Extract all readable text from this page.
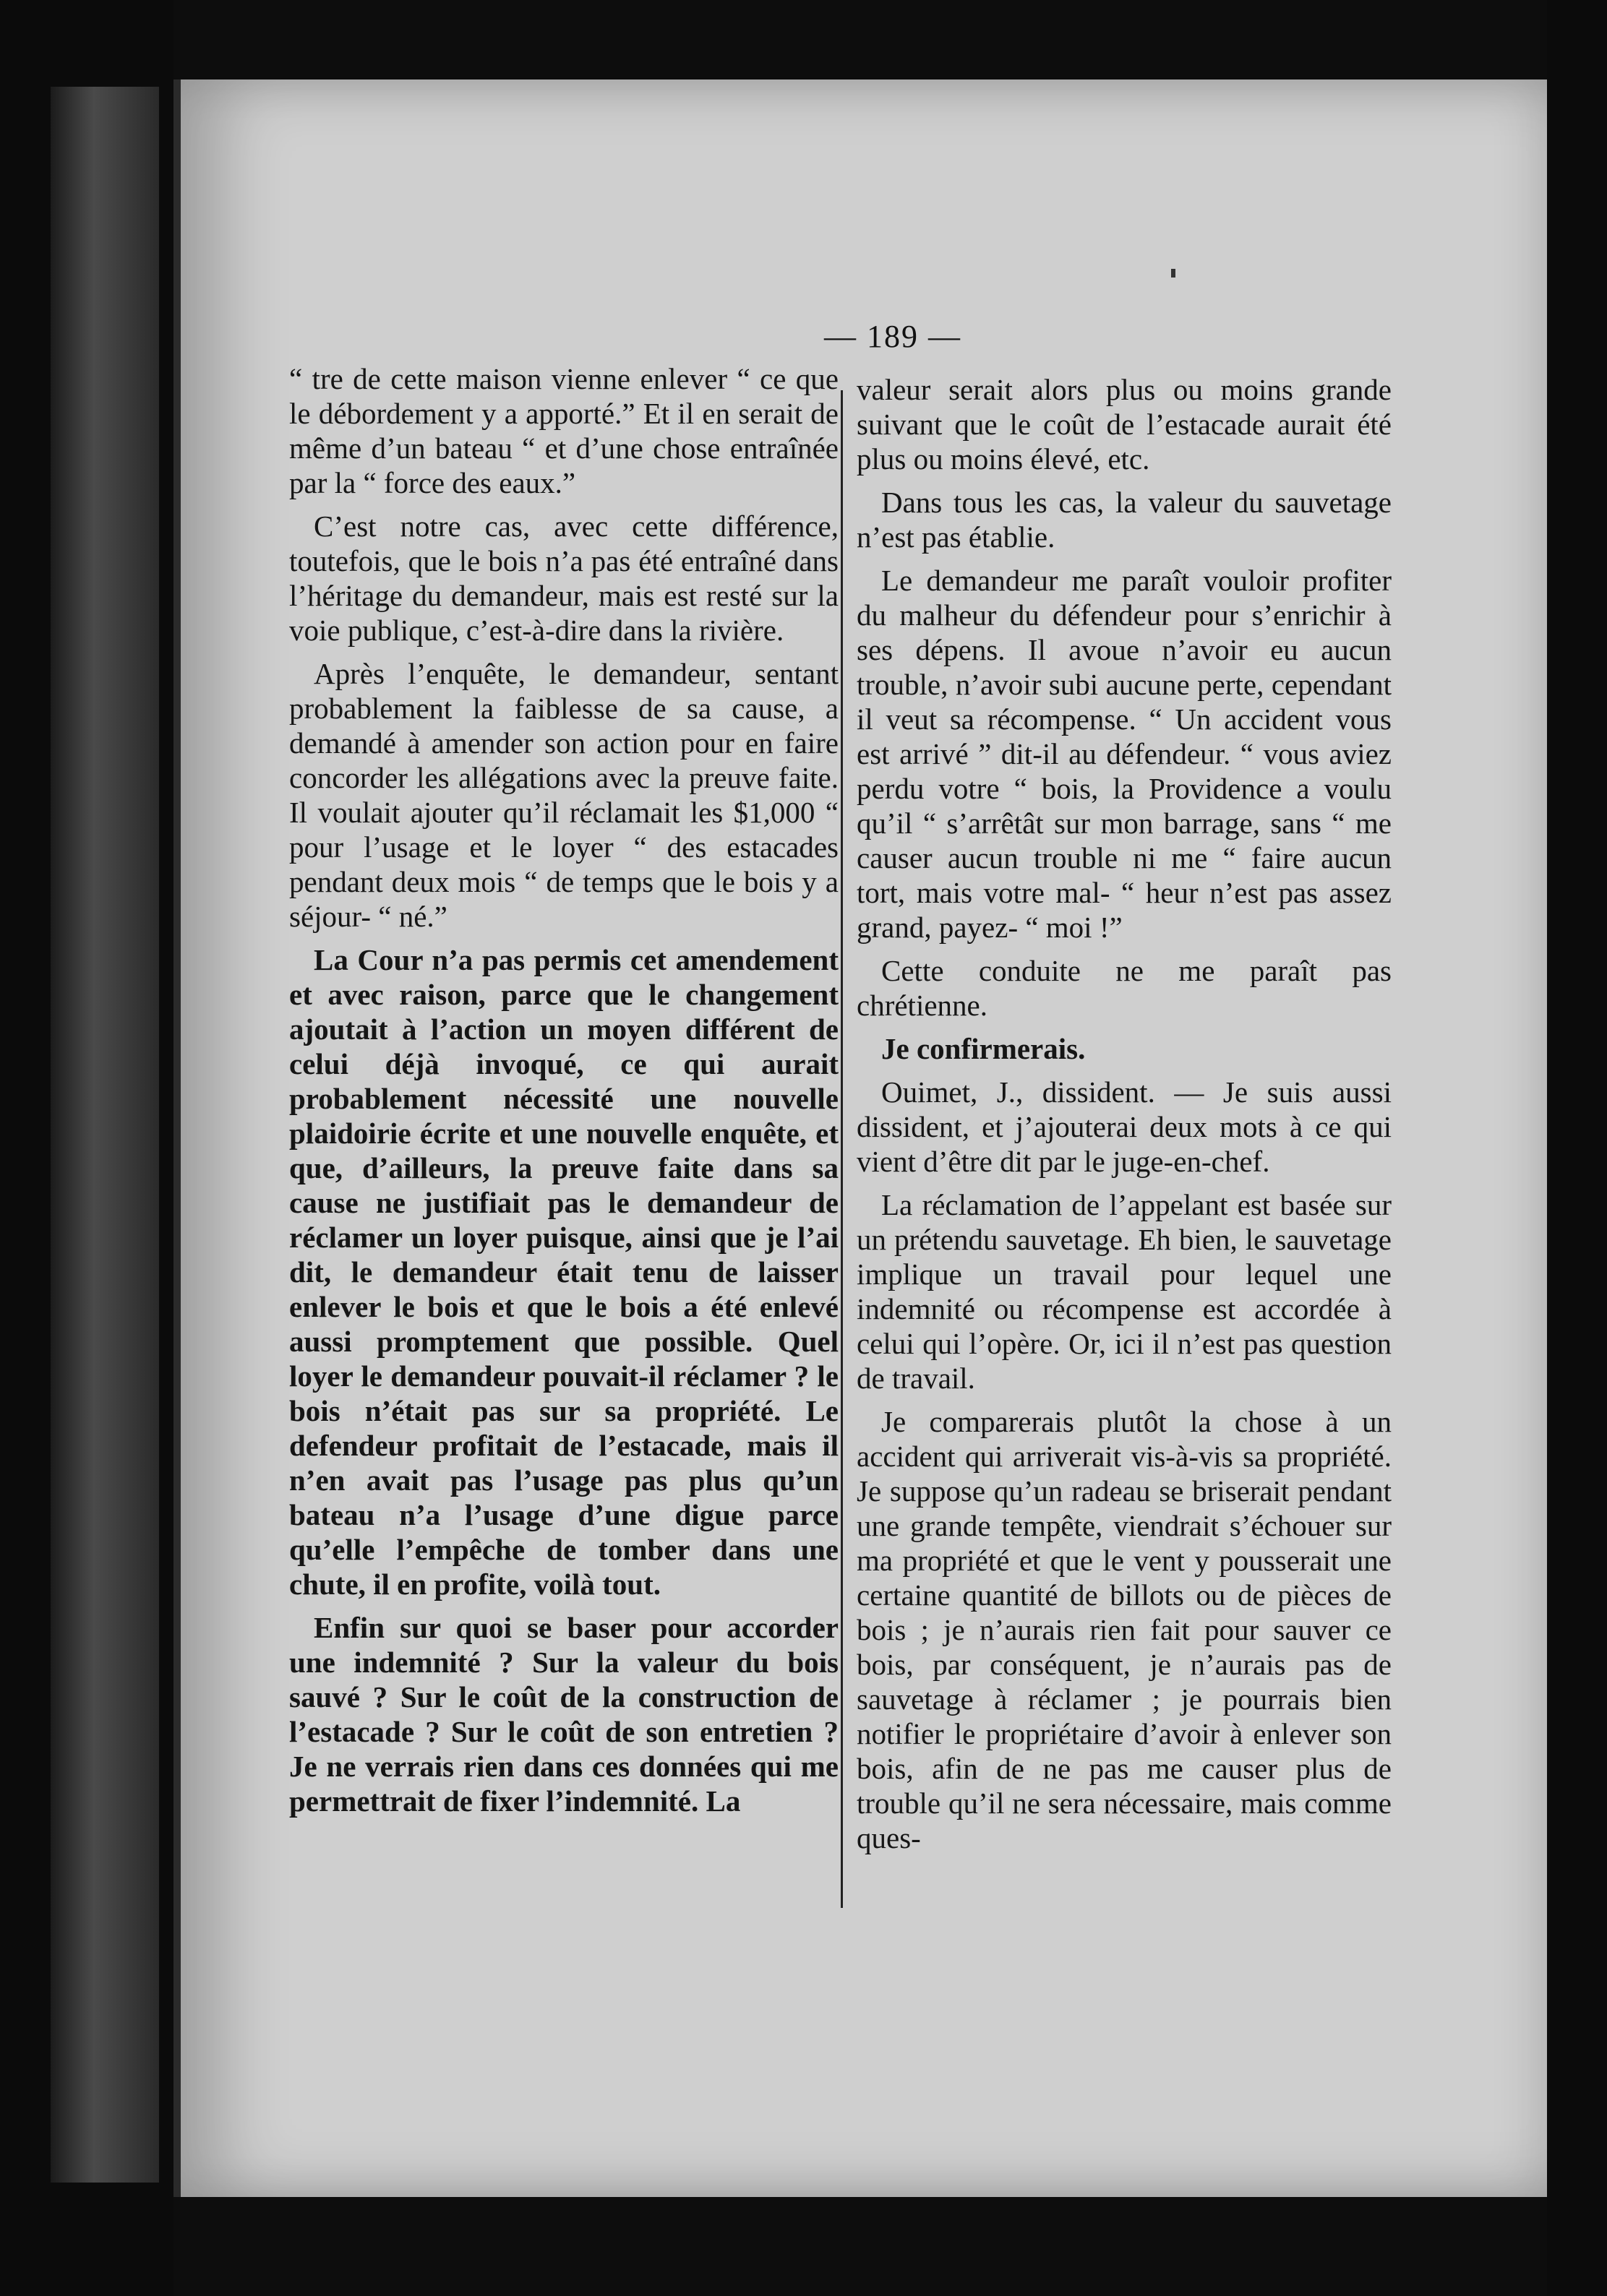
— 189 —

“ tre de cette maison vienne enlever “ ce que le débordement y a apporté.” Et il en serait de même d’un bateau “ et d’une chose entraînée par la “ force des eaux.”

C’est notre cas, avec cette différence, toutefois, que le bois n’a pas été entraîné dans l’héritage du demandeur, mais est resté sur la voie publique, c’est-à-dire dans la rivière.

Après l’enquête, le demandeur, sentant probablement la faiblesse de sa cause, a demandé à amender son action pour en faire concorder les allégations avec la preuve faite. Il voulait ajouter qu’il réclamait les $1,000 “ pour l’usage et le loyer “ des estacades pendant deux mois “ de temps que le bois y a séjour- “ né.”

La Cour n’a pas permis cet amendement et avec raison, parce que le changement ajoutait à l’action un moyen différent de celui déjà invoqué, ce qui aurait probablement nécessité une nouvelle plaidoirie écrite et une nouvelle enquête, et que, d’ailleurs, la preuve faite dans sa cause ne justifiait pas le demandeur de réclamer un loyer puisque, ainsi que je l’ai dit, le demandeur était tenu de laisser enlever le bois et que le bois a été enlevé aussi promptement que possible. Quel loyer le demandeur pouvait-il réclamer ? le bois n’était pas sur sa propriété. Le defendeur profitait de l’estacade, mais il n’en avait pas l’usage pas plus qu’un bateau n’a l’usage d’une digue parce qu’elle l’empêche de tomber dans une chute, il en profite, voilà tout.

Enfin sur quoi se baser pour accorder une indemnité ? Sur la valeur du bois sauvé ? Sur le coût de la construction de l’estacade ? Sur le coût de son entretien ? Je ne verrais rien dans ces données qui me permettrait de fixer l’indemnité. La

valeur serait alors plus ou moins grande suivant que le coût de l’estacade aurait été plus ou moins élevé, etc.

Dans tous les cas, la valeur du sauvetage n’est pas établie.

Le demandeur me paraît vouloir profiter du malheur du défendeur pour s’enrichir à ses dépens. Il avoue n’avoir eu aucun trouble, n’avoir subi aucune perte, cependant il veut sa récompense. “ Un accident vous est arrivé ” dit-il au défendeur. “ vous aviez perdu votre “ bois, la Providence a voulu qu’il “ s’arrêtât sur mon barrage, sans “ me causer aucun trouble ni me “ faire aucun tort, mais votre mal- “ heur n’est pas assez grand, payez- “ moi !”

Cette conduite ne me paraît pas chrétienne.

Je confirmerais.

Ouimet, J., dissident. — Je suis aussi dissident, et j’ajouterai deux mots à ce qui vient d’être dit par le juge-en-chef.

La réclamation de l’appelant est basée sur un prétendu sauvetage. Eh bien, le sauvetage implique un travail pour lequel une indemnité ou récompense est accordée à celui qui l’opère. Or, ici il n’est pas question de travail.

Je comparerais plutôt la chose à un accident qui arriverait vis-à-vis sa propriété. Je suppose qu’un radeau se briserait pendant une grande tempête, viendrait s’échouer sur ma propriété et que le vent y pousserait une certaine quantité de billots ou de pièces de bois ; je n’aurais rien fait pour sauver ce bois, par conséquent, je n’aurais pas de sauvetage à réclamer ; je pourrais bien notifier le propriétaire d’avoir à enlever son bois, afin de ne pas me causer plus de trouble qu’il ne sera nécessaire, mais comme ques-
